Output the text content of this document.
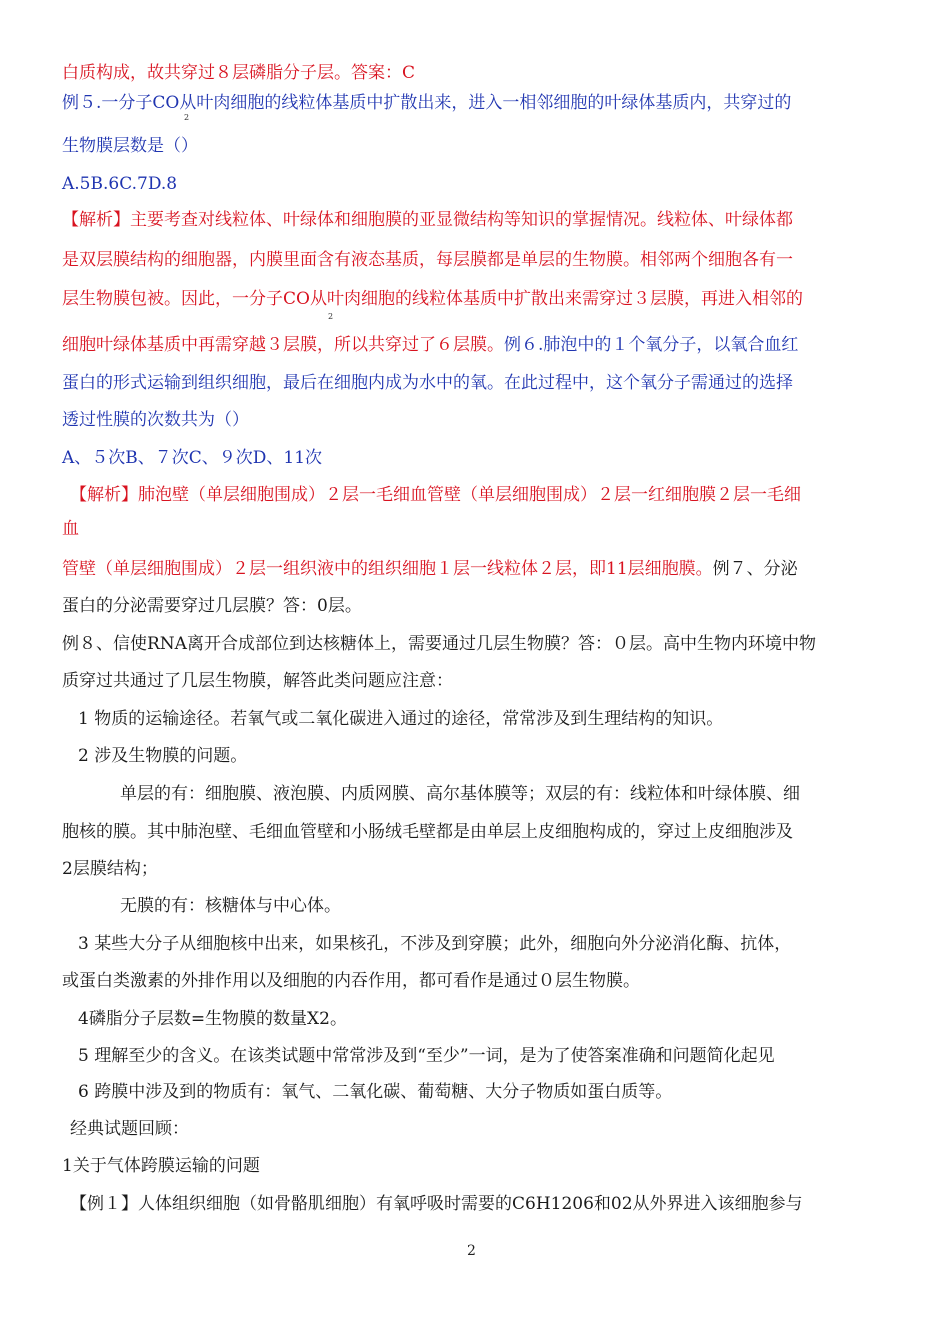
白质构成，故共穿过８层磷脂分子层。答案：C
例５.一分子CO从叶肉细胞的线粒体基质中扩散出来，进入一相邻细胞的叶绿体基质内，共穿过的
2
生物膜层数是（）
A.5B.6C.7D.8
【解析】主要考查对线粒体、叶绿体和细胞膜的亚显微结构等知识的掌握情况。线粒体、叶绿体都
是双层膜结构的细胞器，内膜里面含有液态基质，每层膜都是单层的生物膜。相邻两个细胞各有一
层生物膜包被。因此，一分子CO从叶肉细胞的线粒体基质中扩散出来需穿过３层膜，再进入相邻的
2
细胞叶绿体基质中再需穿越３层膜，所以共穿过了６层膜。例６.肺泡中的１个氧分子，以氧合血红
蛋白的形式运输到组织细胞，最后在细胞内成为水中的氧。在此过程中，这个氧分子需通过的选择
透过性膜的次数共为（）
A、５次B、７次C、９次D、11次
【解析】肺泡壁（单层细胞围成）２层一毛细血管壁（单层细胞围成）２层一红细胞膜２层一毛细
血
管壁（单层细胞围成）２层一组织液中的组织细胞１层一线粒体２层，即11层细胞膜。例７、分泌
蛋白的分泌需要穿过几层膜？答：0层。
例８、信使RNA离开合成部位到达核糖体上，需要通过几层生物膜？答：０层。高中生物内环境中物
质穿过共通过了几层生物膜，解答此类问题应注意：
1 物质的运输途径。若氧气或二氧化碳进入通过的途径，常常涉及到生理结构的知识。
2 涉及生物膜的问题。
单层的有：细胞膜、液泡膜、内质网膜、高尔基体膜等；双层的有：线粒体和叶绿体膜、细
胞核的膜。其中肺泡壁、毛细血管壁和小肠绒毛壁都是由单层上皮细胞构成的，穿过上皮细胞涉及
2层膜结构；
无膜的有：核糖体与中心体。
3 某些大分子从细胞核中出来，如果核孔，不涉及到穿膜；此外，细胞向外分泌消化酶、抗体，
或蛋白类激素的外排作用以及细胞的内吞作用，都可看作是通过０层生物膜。
4磷脂分子层数=生物膜的数量X2。
5 理解至少的含义。在该类试题中常常涉及到“至少”一词，是为了使答案准确和问题简化起见
6 跨膜中涉及到的物质有：氧气、二氧化碳、葡萄糖、大分子物质如蛋白质等。
经典试题回顾：
1关于气体跨膜运输的问题
【例１】人体组织细胞（如骨骼肌细胞）有氧呼吸时需要的C6H1206和02从外界进入该细胞参与
2
